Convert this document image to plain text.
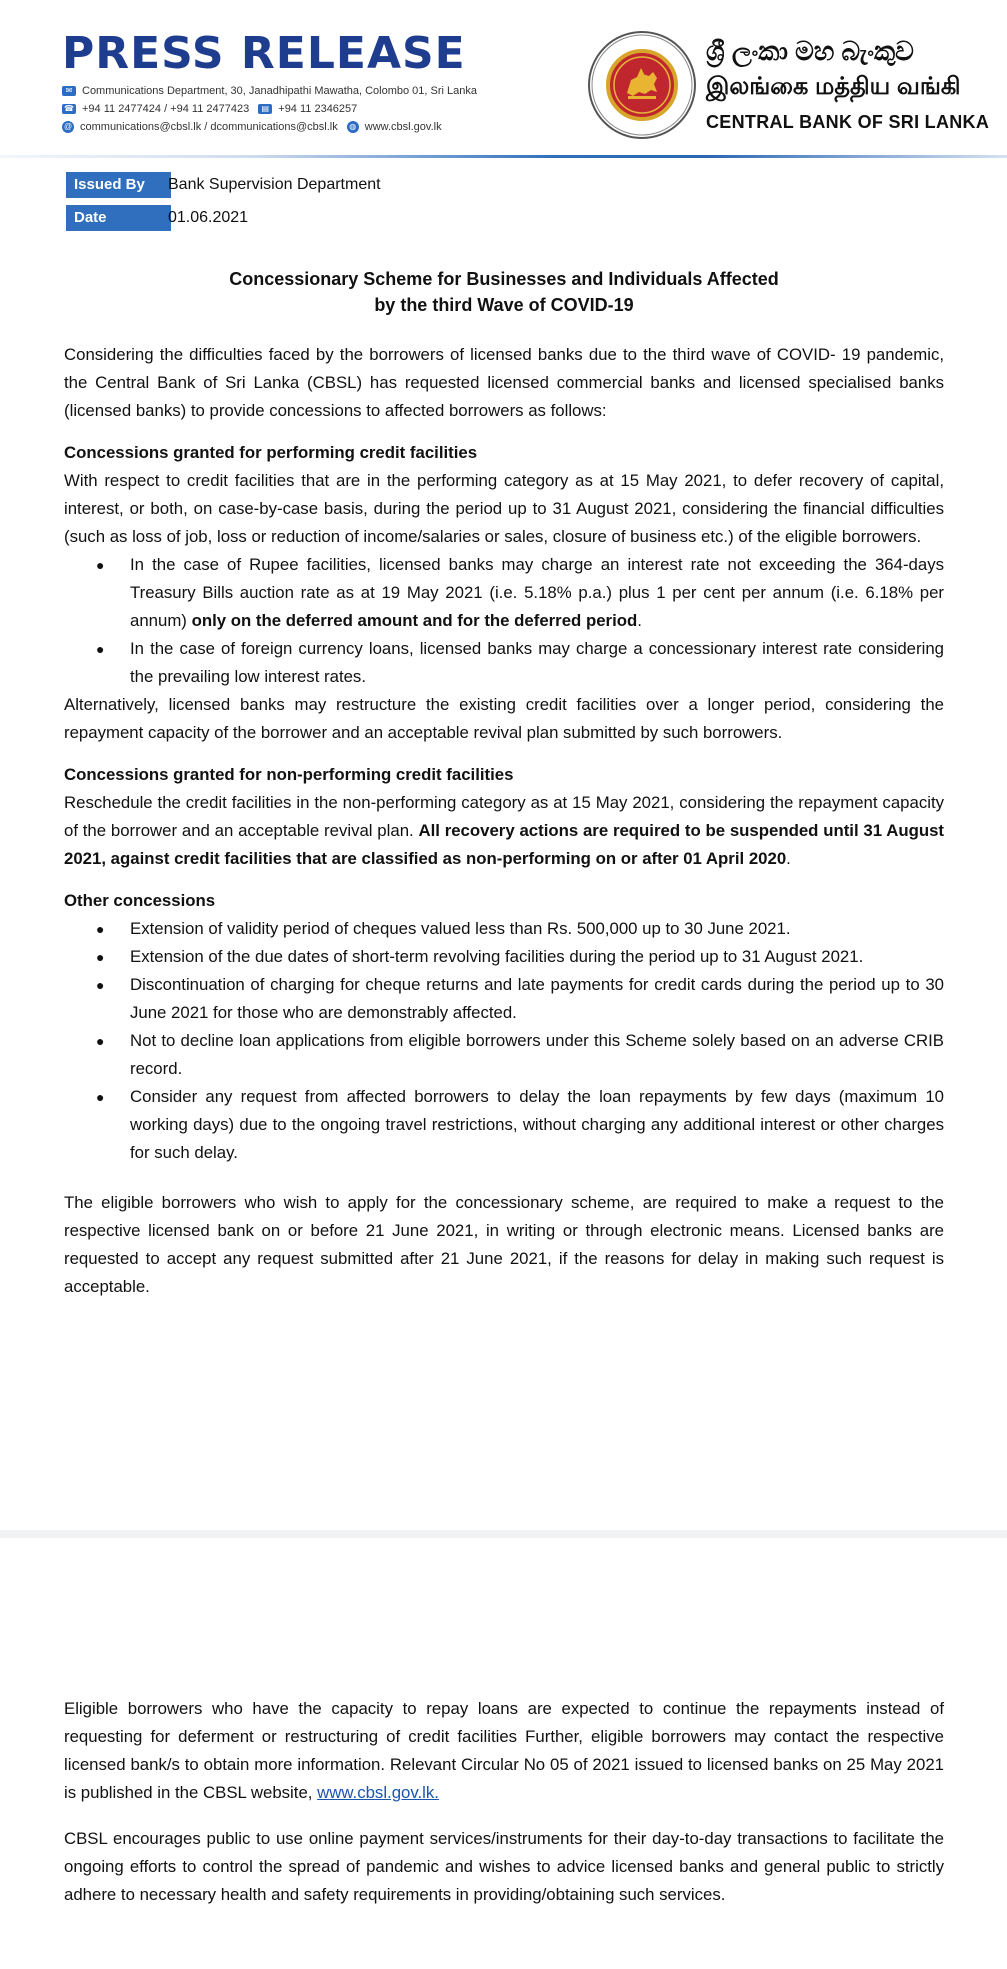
PRESS RELEASE
✉ Communications Department, 30, Janadhipathi Mawatha, Colombo 01, Sri Lanka
☎ +94 11 2477424 / +94 11 2477423 ▤ +94 11 2346257
@ communications@cbsl.lk / dcommunications@cbsl.lk ◍ www.cbsl.gov.lk
ශ්‍රී ලංකා මහ බැංකුව
இலங்கை மத்திய வங்கி
CENTRAL BANK OF SRI LANKA
Issued By	Bank Supervision Department
Date	01.06.2021
Concessionary Scheme for Businesses and Individuals Affected
by the third Wave of COVID-19

Considering the difficulties faced by the borrowers of licensed banks due to the third wave of COVID- 19 pandemic, the Central Bank of Sri Lanka (CBSL) has requested licensed commercial banks and licensed specialised banks (licensed banks) to provide concessions to affected borrowers as follows:

Concessions granted for performing credit facilities

With respect to credit facilities that are in the performing category as at 15 May 2021, to defer recovery of capital, interest, or both, on case-by-case basis, during the period up to 31 August 2021, considering the financial difficulties (such as loss of job, loss or reduction of income/salaries or sales, closure of business etc.) of the eligible borrowers.

● In the case of Rupee facilities, licensed banks may charge an interest rate not exceeding the 364-days Treasury Bills auction rate as at 19 May 2021 (i.e. 5.18% p.a.) plus 1 per cent per annum (i.e. 6.18% per annum) only on the deferred amount and for the deferred period.
● In the case of foreign currency loans, licensed banks may charge a concessionary interest rate considering the prevailing low interest rates.

Alternatively, licensed banks may restructure the existing credit facilities over a longer period, considering the repayment capacity of the borrower and an acceptable revival plan submitted by such borrowers.

Concessions granted for non-performing credit facilities

Reschedule the credit facilities in the non-performing category as at 15 May 2021, considering the repayment capacity of the borrower and an acceptable revival plan. All recovery actions are required to be suspended until 31 August 2021, against credit facilities that are classified as non-performing on or after 01 April 2020.

Other concessions

● Extension of validity period of cheques valued less than Rs. 500,000 up to 30 June 2021.
● Extension of the due dates of short-term revolving facilities during the period up to 31 August 2021.
● Discontinuation of charging for cheque returns and late payments for credit cards during the period up to 30 June 2021 for those who are demonstrably affected.
● Not to decline loan applications from eligible borrowers under this Scheme solely based on an adverse CRIB record.
● Consider any request from affected borrowers to delay the loan repayments by few days (maximum 10 working days) due to the ongoing travel restrictions, without charging any additional interest or other charges for such delay.

The eligible borrowers who wish to apply for the concessionary scheme, are required to make a request to the respective licensed bank on or before 21 June 2021, in writing or through electronic means. Licensed banks are requested to accept any request submitted after 21 June 2021, if the reasons for delay in making such request is acceptable.

Eligible borrowers who have the capacity to repay loans are expected to continue the repayments instead of requesting for deferment or restructuring of credit facilities Further, eligible borrowers may contact the respective licensed bank/s to obtain more information. Relevant Circular No 05 of 2021 issued to licensed banks on 25 May 2021 is published in the CBSL website, www.cbsl.gov.lk.

CBSL encourages public to use online payment services/instruments for their day-to-day transactions to facilitate the ongoing efforts to control the spread of pandemic and wishes to advice licensed banks and general public to strictly adhere to necessary health and safety requirements in providing/obtaining such services.
